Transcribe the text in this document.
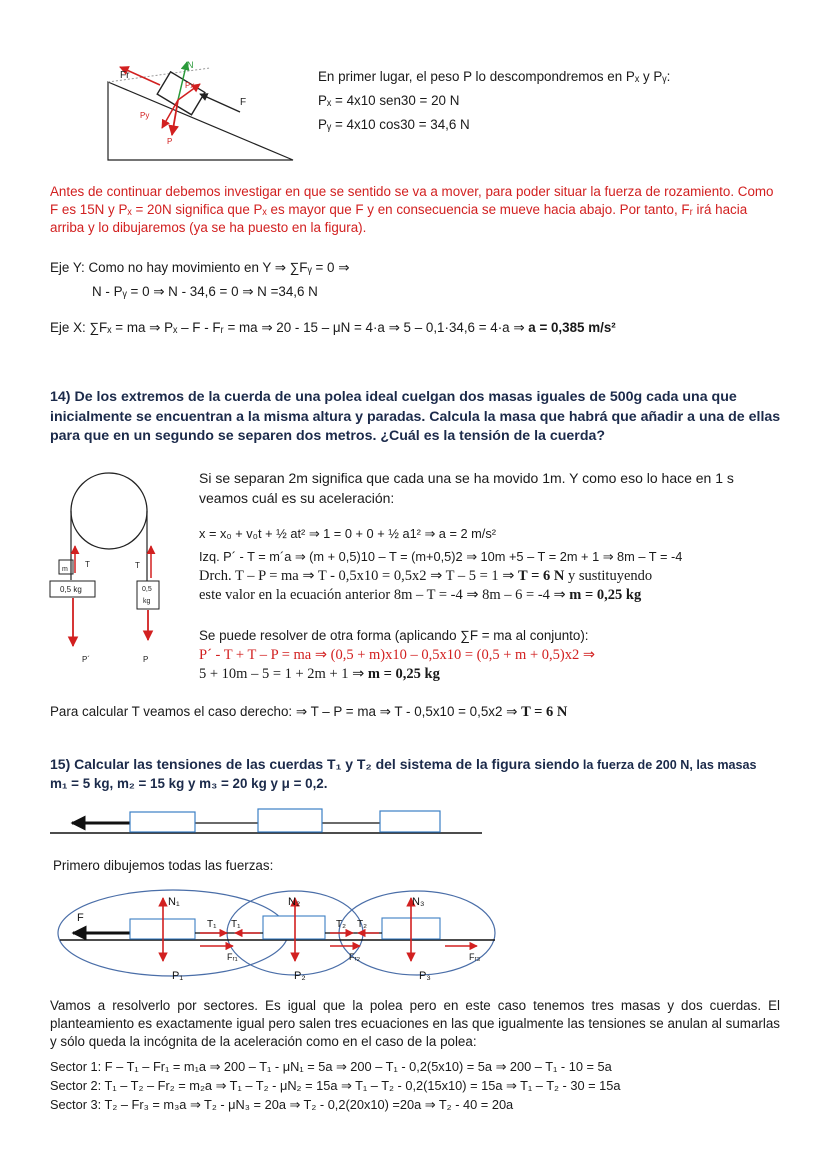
Fr
N
Px
F
Py
P
En primer lugar, el peso P lo descompondremos en Pₓ y Pᵧ:
Pₓ = 4x10 sen30 = 20 N
Pᵧ = 4x10 cos30 = 34,6 N
Antes de continuar debemos investigar en que se sentido se va a mover, para poder situar la fuerza de rozamiento. Como F es 15N y Pₓ = 20N significa que Pₓ es mayor que F y en consecuencia se mueve hacia abajo. Por tanto, Fᵣ irá hacia arriba y lo dibujaremos (ya se ha puesto en la figura).
Eje Y: Como no hay movimiento en Y ⇒ ∑Fᵧ = 0 ⇒
N - Pᵧ = 0 ⇒ N - 34,6 = 0 ⇒ N =34,6 N
Eje X: ∑Fₓ = ma ⇒ Pₓ – F - Fᵣ = ma ⇒ 20 - 15 – μN = 4·a ⇒ 5 – 0,1·34,6 = 4·a ⇒ a = 0,385 m/s²
14) De los extremos de la cuerda de una polea ideal cuelgan dos masas iguales de 500g cada una que inicialmente se encuentran a la misma altura y paradas. Calcula la masa que habrá que añadir a una de ellas para que en un segundo se separen dos metros. ¿Cuál es la tensión de la cuerda?
m
T	T
0,5 kg	0,5
kg
P´	P
Si se separan 2m significa que cada una se ha movido 1m. Y como eso lo hace en 1 s veamos cuál es su aceleración:
x = x₀ + v₀t + ½ at² ⇒ 1 = 0 + 0 + ½ a1² ⇒ a = 2 m/s²
Izq. P´ - T = m´a ⇒ (m + 0,5)10 – T = (m+0,5)2 ⇒ 10m +5 – T = 2m + 1 ⇒ 8m – T = -4
Drch. T – P = ma ⇒ T - 0,5x10 = 0,5x2 ⇒ T – 5 = 1 ⇒ T = 6 N y sustituyendo
este valor en la ecuación anterior 8m – T = -4 ⇒ 8m – 6 = -4 ⇒ m = 0,25 kg
Se puede resolver de otra forma (aplicando ∑F = ma al conjunto):
P´ - T + T – P = ma ⇒ (0,5 + m)x10 – 0,5x10 = (0,5 + m + 0,5)x2 ⇒
5 + 10m – 5 = 1 + 2m + 1 ⇒ m = 0,25 kg
Para calcular T veamos el caso derecho: ⇒ T – P = ma ⇒ T - 0,5x10 = 0,5x2 ⇒ T = 6 N
15) Calcular las tensiones de las cuerdas T₁ y T₂ del sistema de la figura siendo la fuerza de 200 N, las masas
m₁ = 5 kg, m₂ = 15 kg y m₃ = 20 kg y μ = 0,2.
Primero dibujemos todas las fuerzas:
F
N₁	N₂	N₃
T₁ T₁	T₂ T₂
Fᵣ₁	Fᵣ₂	Fᵣ₃
P₁	P₂	P₃
Vamos a resolverlo por sectores. Es igual que la polea pero en este caso tenemos tres masas y dos cuerdas. El planteamiento es exactamente igual pero salen tres ecuaciones en las que igualmente las tensiones se anulan al sumarlas y sólo queda la incógnita de la aceleración como en el caso de la polea:
Sector 1: F – T₁ – Fr₁ = m₁a ⇒ 200 – T₁ - μN₁ = 5a ⇒ 200 – T₁ - 0,2(5x10) = 5a ⇒ 200 – T₁ - 10 = 5a
Sector 2: T₁ – T₂ – Fr₂ = m₂a ⇒ T₁ – T₂ - μN₂ = 15a ⇒ T₁ – T₂ - 0,2(15x10) = 15a ⇒ T₁ – T₂ - 30 = 15a
Sector 3: T₂ – Fr₃ = m₃a ⇒ T₂ - μN₃ = 20a ⇒ T₂ - 0,2(20x10) =20a ⇒ T₂ - 40 = 20a
